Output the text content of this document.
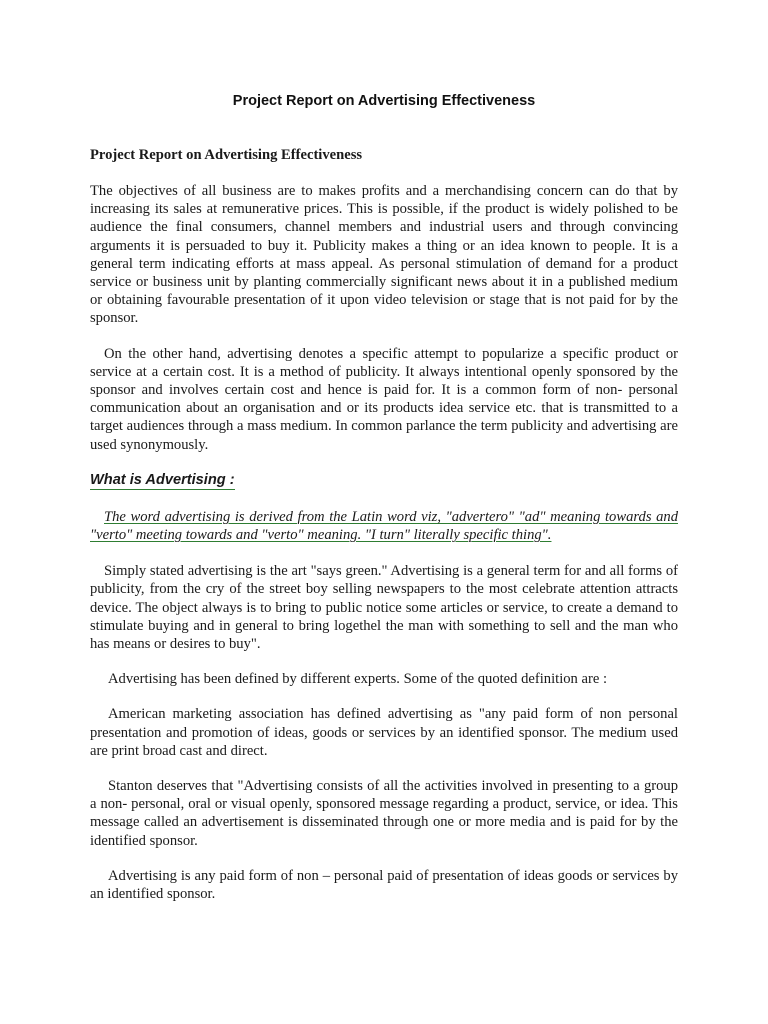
Project Report on Advertising Effectiveness
Project Report on Advertising Effectiveness

The objectives of all business are to makes profits and a merchandising concern can do that by increasing its sales at remunerative prices. This is possible, if the product is widely polished to be audience the final consumers, channel members and industrial users and through convincing arguments it is persuaded to buy it. Publicity makes a thing or an idea known to people. It is a general term indicating efforts at mass appeal. As personal stimulation of demand for a product service or business unit by planting commercially significant news about it in a published medium or obtaining favourable presentation of it upon video television or stage that is not paid for by the sponsor.

On the other hand, advertising denotes a specific attempt to popularize a specific product or service at a certain cost. It is a method of publicity. It always intentional openly sponsored by the sponsor and involves certain cost and hence is paid for. It is a common form of non- personal communication about an organisation and or its products idea service etc. that is transmitted to a target audiences through a mass medium. In common parlance the term publicity and advertising are used synonymously.

What is Advertising :

The word advertising is derived from the Latin word viz, "advertero" "ad" meaning towards and "verto" meeting towards and "verto" meaning. "I turn" literally specific thing".

Simply stated advertising is the art "says green." Advertising is a general term for and all forms of publicity, from the cry of the street boy selling newspapers to the most celebrate attention attracts device. The object always is to bring to public notice some articles or service, to create a demand to stimulate buying and in general to bring logethel the man with something to sell and the man who has means or desires to buy".

Advertising has been defined by different experts. Some of the quoted definition are :

American marketing association has defined advertising as "any paid form of non personal presentation and promotion of ideas, goods or services by an identified sponsor. The medium used are print broad cast and direct.

Stanton deserves that "Advertising consists of all the activities involved in presenting to a group a non- personal, oral or visual openly, sponsored message regarding a product, service, or idea. This message called an advertisement is disseminated through one or more media and is paid for by the identified sponsor.

Advertising is any paid form of non – personal paid of presentation of ideas goods or services by an identified sponsor.
